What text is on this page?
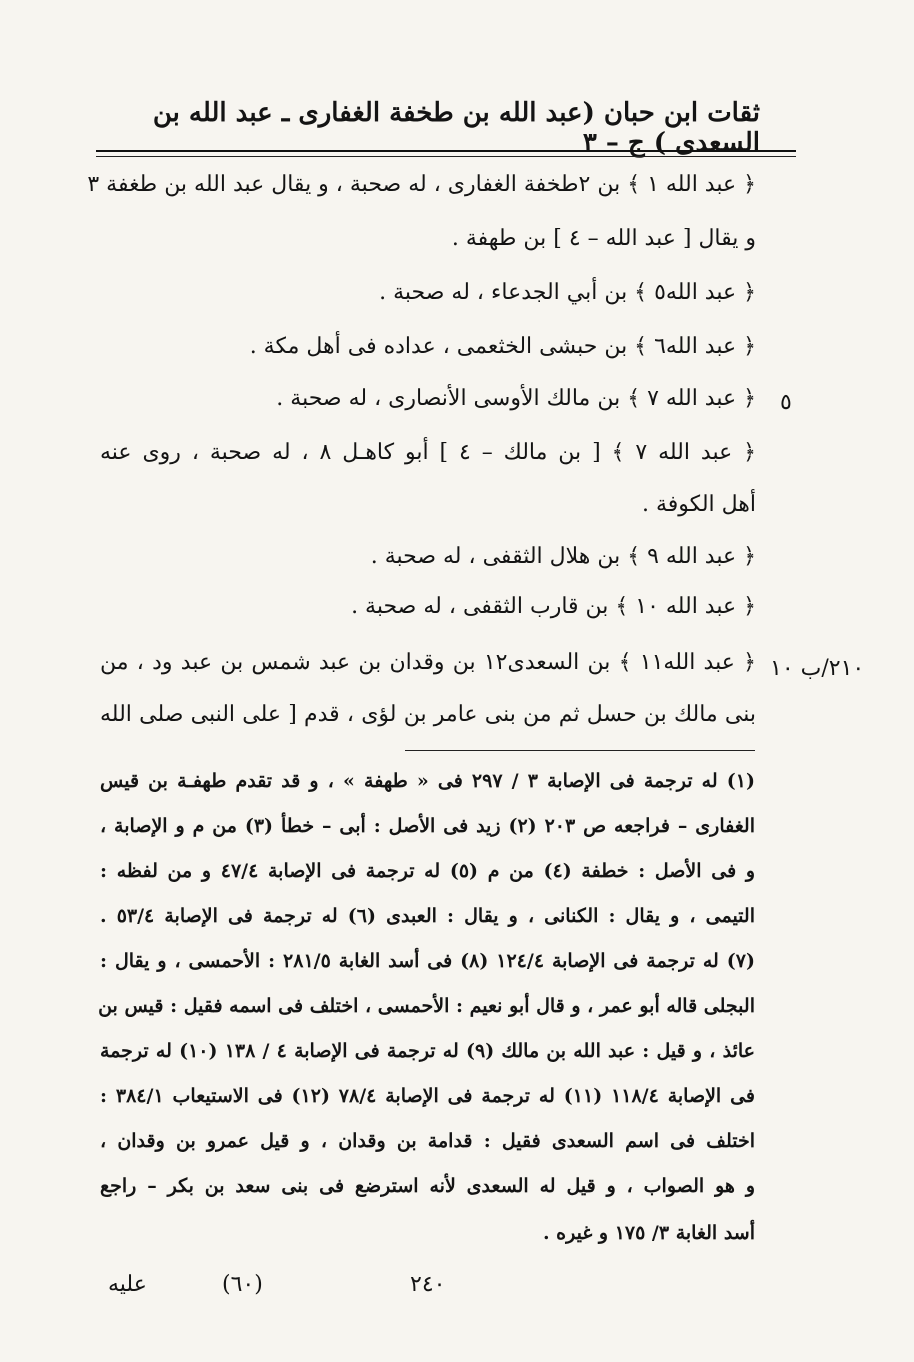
ثقات ابن حبان (عبد الله بن طخفة الغفاری ـ عبد الله بن السعدی ) ج – ٣
﴿ عبد الله ١ ﴾ بن ٢طخفة الغفاری ، له صحبة ، و يقال عبد الله بن طغفة ٣
و يقال [ عبد الله – ٤ ] بن طهفة .
﴿ عبد الله٥ ﴾ بن أبي الجدعاء ، له صحبة .
﴿ عبد الله٦ ﴾ بن حبشى الخثعمى ، عداده فى أهل مكة .
﴿ عبد الله ٧ ﴾ بن مالك الأوسى الأنصارى ، له صحبة . ٥
﴿ عبد الله ٧ ﴾ [ بن مالك – ٤ ] أبو كاهـل ٨ ، له صحبة ، روى عنه
أهل الكوفة .
﴿ عبد الله ٩ ﴾ بن هلال الثقفى ، له صحبة .
﴿ عبد الله ١٠ ﴾ بن قارب الثقفى ، له صحبة .
﴿ عبد الله١١ ﴾ بن السعدى١٢ بن وقدان بن عبد شمس بن عبد ود ، من ٢١٠/ب ١٠
بنى مالك بن حسل ثم من بنى عامر بن لؤى ، قدم [ على النبى صلى الله
(١) له ترجمة فى الإصابة ٣ / ٢٩٧ فى « طهفة » ، و قد تقدم طهفـة بن قيس
الغفارى – فراجعه ص ٢٠٣ (٢) زيد فى الأصل : أبى – خطأ (٣) من م و الإصابة ،
و فى الأصل : خطفة (٤) من م (٥) له ترجمة فى الإصابة ٤٧/٤ و من لفظه :
التيمى ، و يقال : الكنانى ، و يقال : العبدى (٦) له ترجمة فى الإصابة ٥٣/٤ .
(٧) له ترجمة فى الإصابة ١٢٤/٤ (٨) فى أسد الغابة ٢٨١/٥ : الأحمسى ، و يقال :
البجلى قاله أبو عمر ، و قال أبو نعيم : الأحمسى ، اختلف فى اسمه فقيل : قيس بن
عائذ ، و قيل : عبد الله بن مالك (٩) له ترجمة فى الإصابة ٤ / ١٣٨ (١٠) له ترجمة
فى الإصابة ١١٨/٤ (١١) له ترجمة فى الإصابة ٧٨/٤ (١٢) فى الاستيعاب ٣٨٤/١ :
اختلف فى اسم السعدى فقيل : قدامة بن وقدان ، و قيل عمرو بن وقدان ،
و هو الصواب ، و قيل له السعدى لأنه استرضع فى بنى سعد بن بكر – راجع
أسد الغابة ٣/ ١٧٥ و غيره .
عليه	(٦٠)	٢٤٠
